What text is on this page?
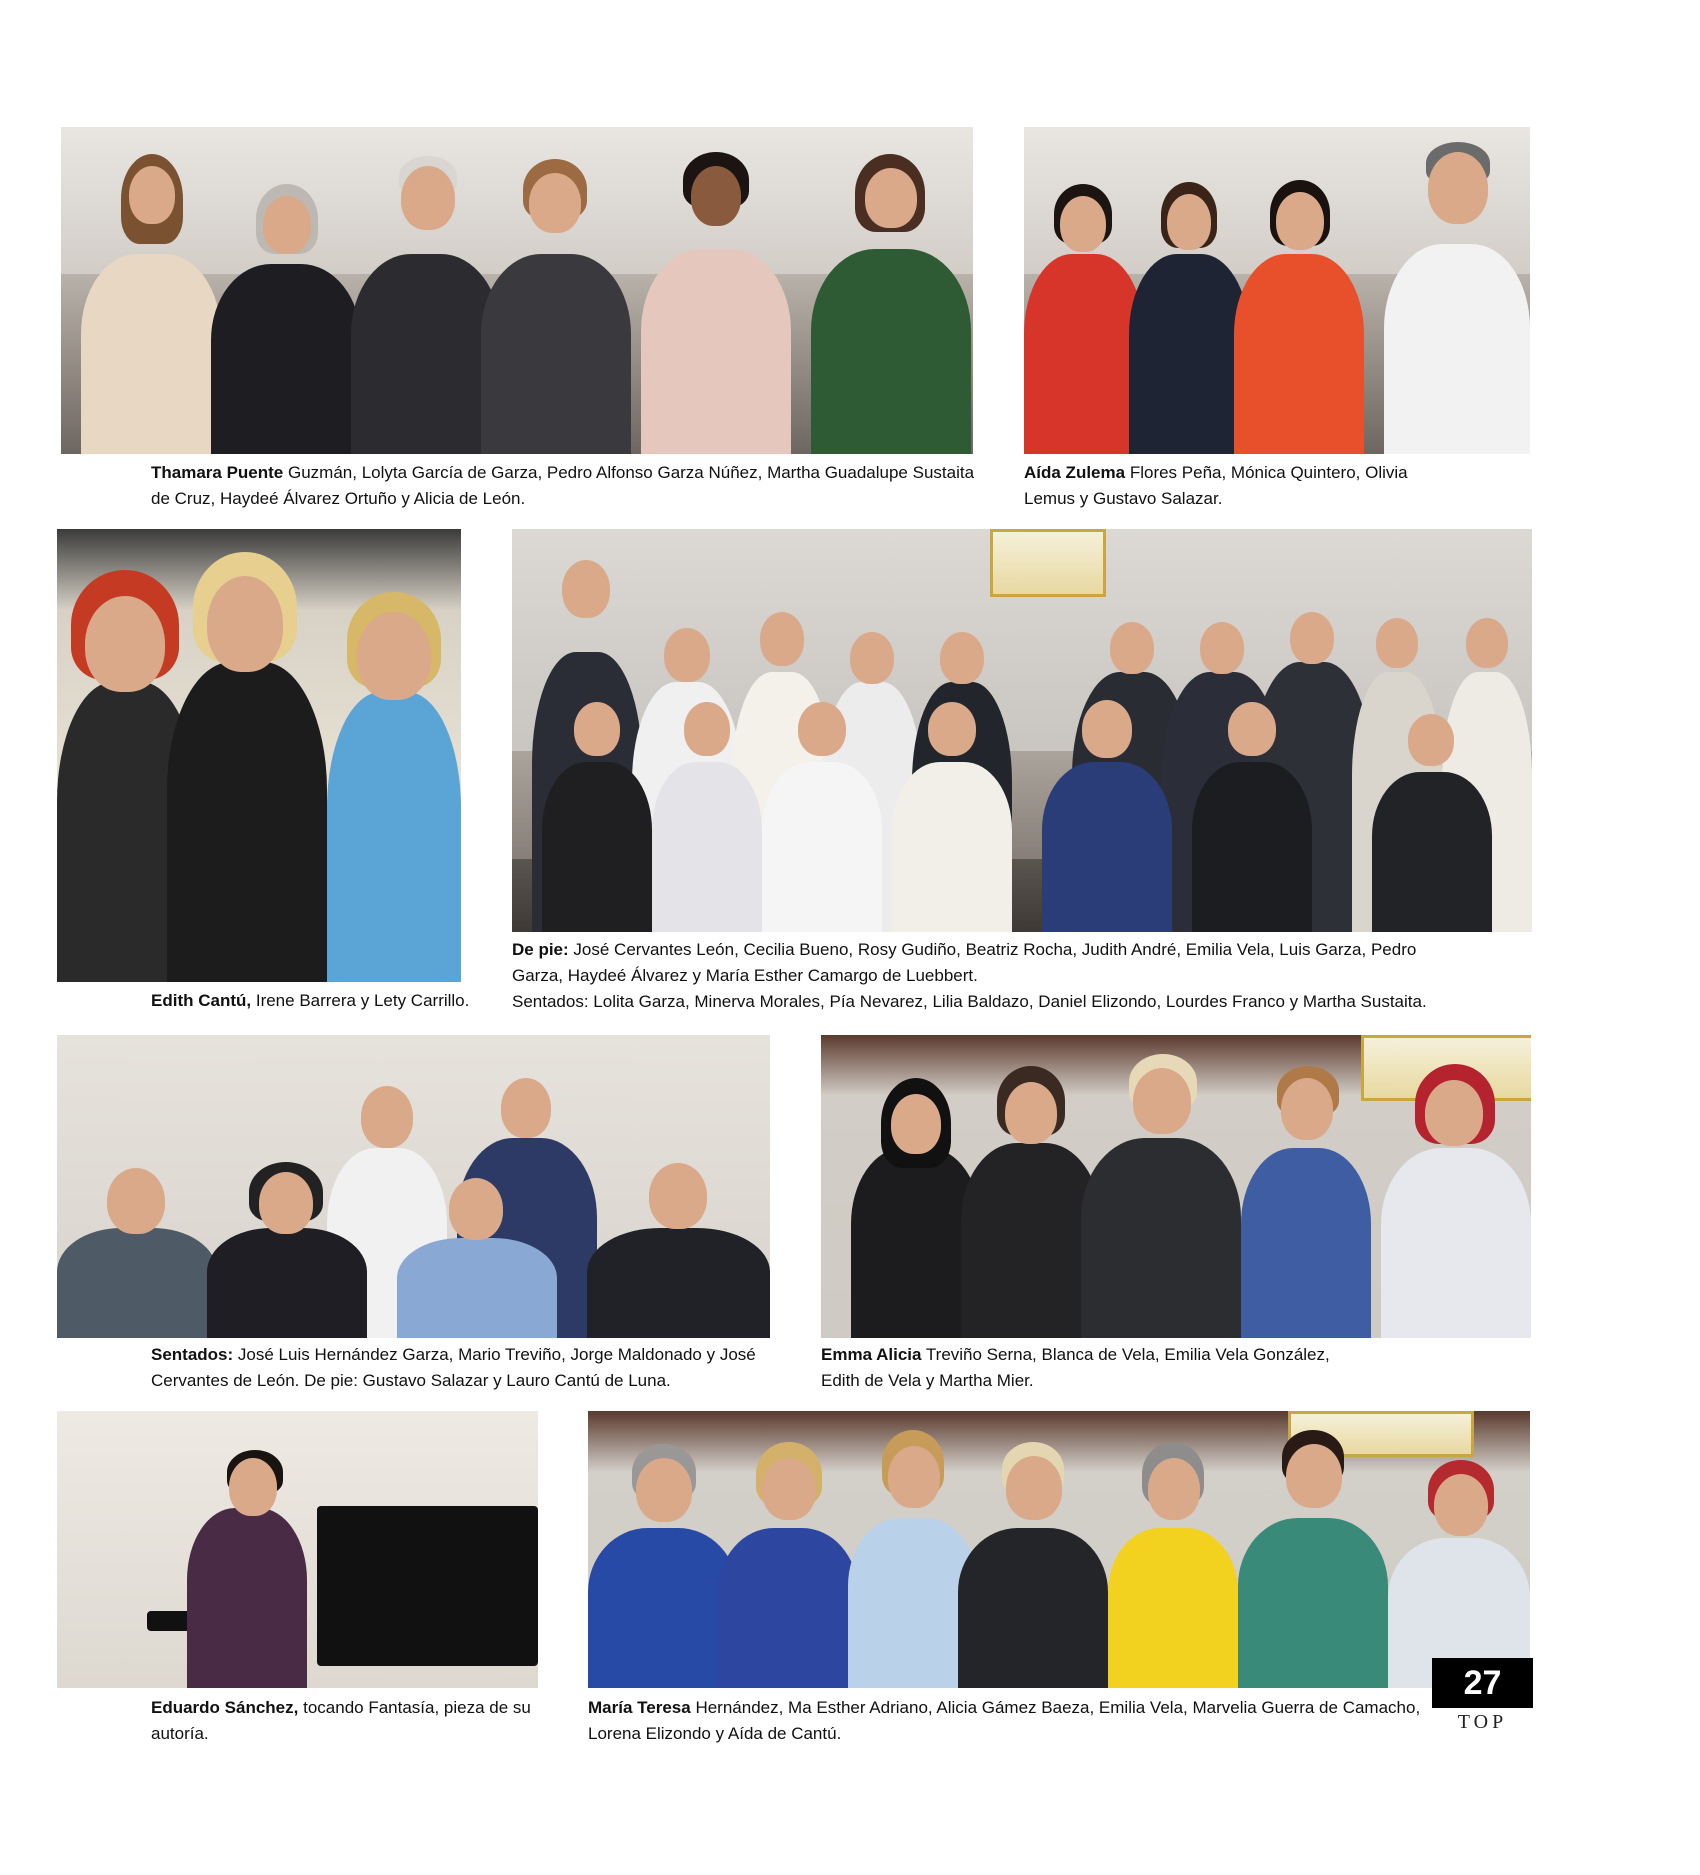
Thamara Puente Guzmán, Lolyta García de Garza, Pedro Alfonso Garza Núñez, Martha Guadalupe Sustaita
de Cruz, Haydeé Álvarez Ortuño y Alicia de León.
Aída Zulema Flores Peña, Mónica Quintero, Olivia
Lemus y Gustavo Salazar.
Edith Cantú, Irene Barrera y Lety Carrillo.
De pie: José Cervantes León, Cecilia Bueno, Rosy Gudiño, Beatriz Rocha, Judith André, Emilia Vela, Luis Garza, Pedro
Garza, Haydeé Álvarez y María Esther Camargo de Luebbert.
Sentados: Lolita Garza, Minerva Morales, Pía Nevarez, Lilia Baldazo, Daniel Elizondo, Lourdes Franco y Martha Sustaita.
Sentados: José Luis Hernández Garza, Mario Treviño, Jorge Maldonado y José
Cervantes de León. De pie: Gustavo Salazar y Lauro Cantú de Luna.
Emma Alicia Treviño Serna, Blanca de Vela, Emilia Vela González,
Edith de Vela y Martha Mier.
Eduardo Sánchez, tocando Fantasía, pieza de su
autoría.
María Teresa Hernández, Ma Esther Adriano, Alicia Gámez Baeza, Emilia Vela, Marvelia Guerra de Camacho,
Lorena Elizondo y Aída de Cantú.
27
TOP
